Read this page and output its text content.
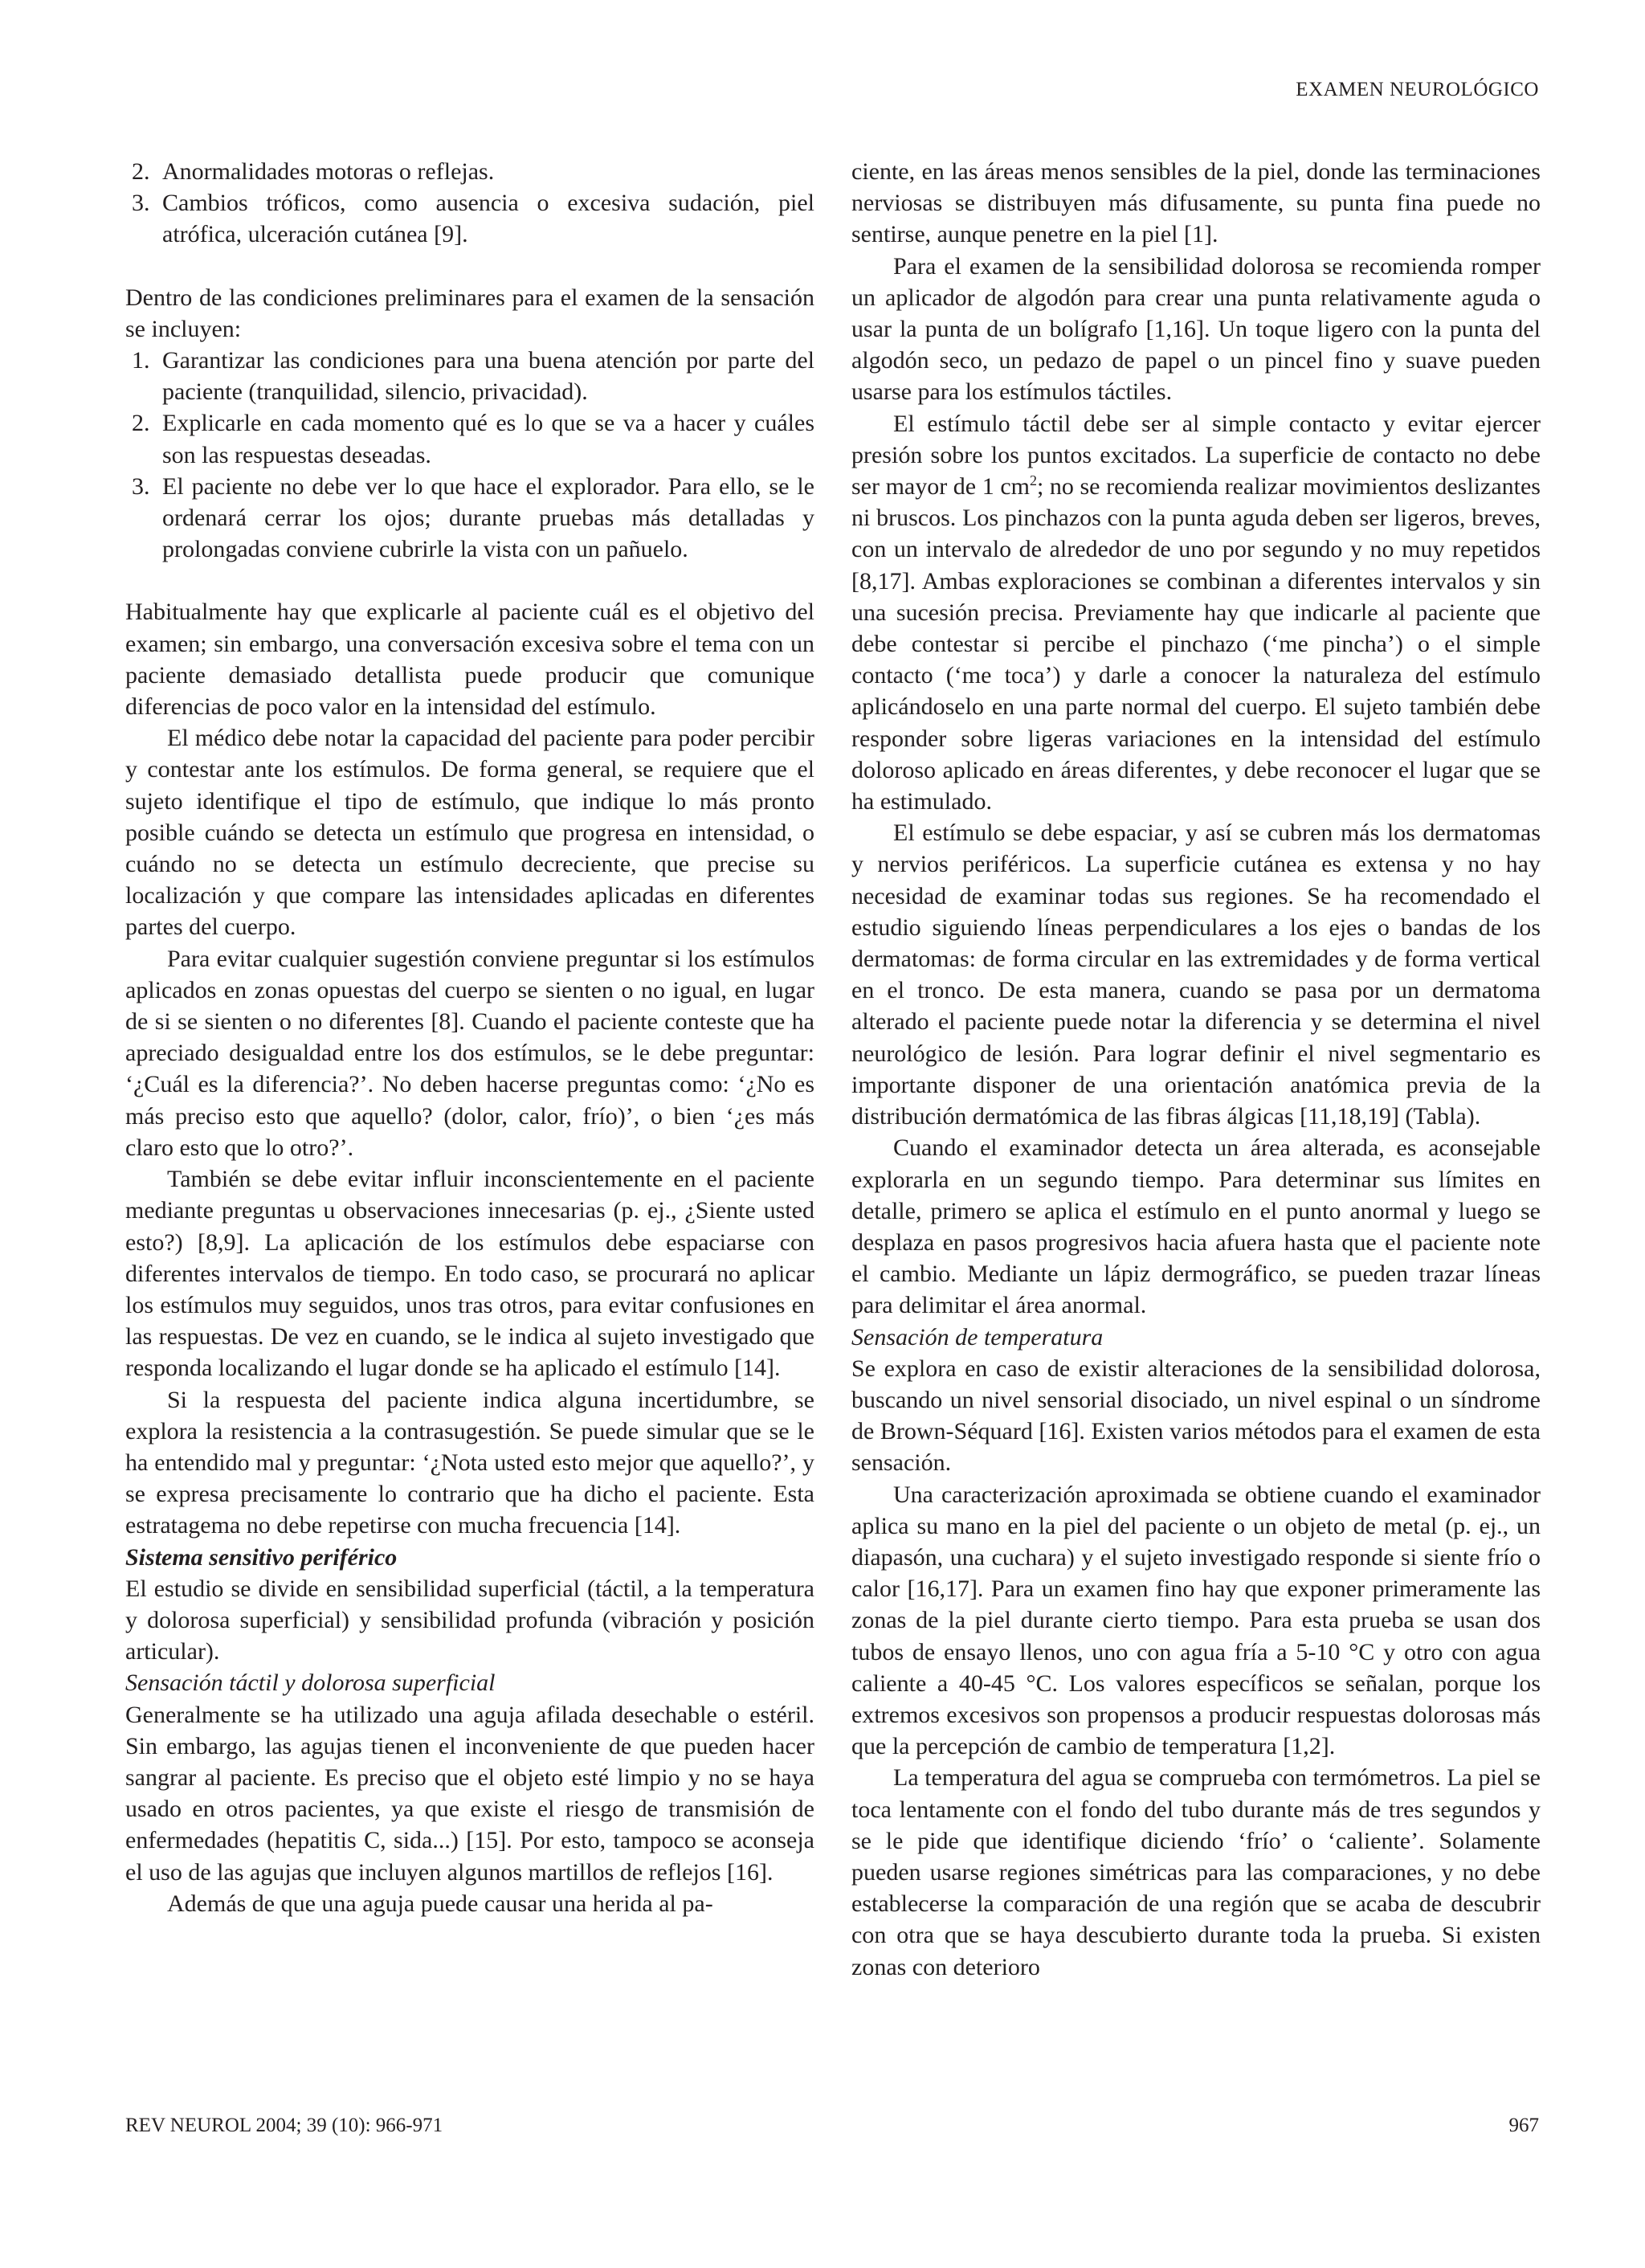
EXAMEN NEUROLÓGICO
2. Anormalidades motoras o reflejas.
3. Cambios tróficos, como ausencia o excesiva sudación, piel atrófica, ulceración cutánea [9].

Dentro de las condiciones preliminares para el examen de la sensación se incluyen:

1. Garantizar las condiciones para una buena atención por parte del paciente (tranquilidad, silencio, privacidad).
2. Explicarle en cada momento qué es lo que se va a hacer y cuáles son las respuestas deseadas.
3. El paciente no debe ver lo que hace el explorador. Para ello, se le ordenará cerrar los ojos; durante pruebas más detalladas y prolongadas conviene cubrirle la vista con un pañuelo.

Habitualmente hay que explicarle al paciente cuál es el objetivo del examen; sin embargo, una conversación excesiva sobre el tema con un paciente demasiado detallista puede producir que comunique diferencias de poco valor en la intensidad del estímulo.

El médico debe notar la capacidad del paciente para poder percibir y contestar ante los estímulos. De forma general, se requiere que el sujeto identifique el tipo de estímulo, que indique lo más pronto posible cuándo se detecta un estímulo que progresa en intensidad, o cuándo no se detecta un estímulo decreciente, que precise su localización y que compare las intensidades aplicadas en diferentes partes del cuerpo.

Para evitar cualquier sugestión conviene preguntar si los estímulos aplicados en zonas opuestas del cuerpo se sienten o no igual, en lugar de si se sienten o no diferentes [8]. Cuando el paciente conteste que ha apreciado desigualdad entre los dos estímulos, se le debe preguntar: ‘¿Cuál es la diferencia?’. No deben hacerse preguntas como: ‘¿No es más preciso esto que aquello? (dolor, calor, frío)’, o bien ‘¿es más claro esto que lo otro?’.

También se debe evitar influir inconscientemente en el paciente mediante preguntas u observaciones innecesarias (p. ej., ¿Siente usted esto?) [8,9]. La aplicación de los estímulos debe espaciarse con diferentes intervalos de tiempo. En todo caso, se procurará no aplicar los estímulos muy seguidos, unos tras otros, para evitar confusiones en las respuestas. De vez en cuando, se le indica al sujeto investigado que responda localizando el lugar donde se ha aplicado el estímulo [14].

Si la respuesta del paciente indica alguna incertidumbre, se explora la resistencia a la contrasugestión. Se puede simular que se le ha entendido mal y preguntar: ‘¿Nota usted esto mejor que aquello?’, y se expresa precisamente lo contrario que ha dicho el paciente. Esta estratagema no debe repetirse con mucha frecuencia [14].

Sistema sensitivo periférico

El estudio se divide en sensibilidad superficial (táctil, a la temperatura y dolorosa superficial) y sensibilidad profunda (vibración y posición articular).

Sensación táctil y dolorosa superficial

Generalmente se ha utilizado una aguja afilada desechable o estéril. Sin embargo, las agujas tienen el inconveniente de que pueden hacer sangrar al paciente. Es preciso que el objeto esté limpio y no se haya usado en otros pacientes, ya que existe el riesgo de transmisión de enfermedades (hepatitis C, sida...) [15]. Por esto, tampoco se aconseja el uso de las agujas que incluyen algunos martillos de reflejos [16].

Además de que una aguja puede causar una herida al pa-

ciente, en las áreas menos sensibles de la piel, donde las terminaciones nerviosas se distribuyen más difusamente, su punta fina puede no sentirse, aunque penetre en la piel [1].

Para el examen de la sensibilidad dolorosa se recomienda romper un aplicador de algodón para crear una punta relativamente aguda o usar la punta de un bolígrafo [1,16]. Un toque ligero con la punta del algodón seco, un pedazo de papel o un pincel fino y suave pueden usarse para los estímulos táctiles.

El estímulo táctil debe ser al simple contacto y evitar ejercer presión sobre los puntos excitados. La superficie de contacto no debe ser mayor de 1 $cm^2$; no se recomienda realizar movimientos deslizantes ni bruscos. Los pinchazos con la punta aguda deben ser ligeros, breves, con un intervalo de alrededor de uno por segundo y no muy repetidos [8,17]. Ambas exploraciones se combinan a diferentes intervalos y sin una sucesión precisa. Previamente hay que indicarle al paciente que debe contestar si percibe el pinchazo (‘me pincha’) o el simple contacto (‘me toca’) y darle a conocer la naturaleza del estímulo aplicándoselo en una parte normal del cuerpo. El sujeto también debe responder sobre ligeras variaciones en la intensidad del estímulo doloroso aplicado en áreas diferentes, y debe reconocer el lugar que se ha estimulado.

El estímulo se debe espaciar, y así se cubren más los dermatomas y nervios periféricos. La superficie cutánea es extensa y no hay necesidad de examinar todas sus regiones. Se ha recomendado el estudio siguiendo líneas perpendiculares a los ejes o bandas de los dermatomas: de forma circular en las extremidades y de forma vertical en el tronco. De esta manera, cuando se pasa por un dermatoma alterado el paciente puede notar la diferencia y se determina el nivel neurológico de lesión. Para lograr definir el nivel segmentario es importante disponer de una orientación anatómica previa de la distribución dermatómica de las fibras álgicas [11,18,19] (Tabla).

Cuando el examinador detecta un área alterada, es aconsejable explorarla en un segundo tiempo. Para determinar sus límites en detalle, primero se aplica el estímulo en el punto anormal y luego se desplaza en pasos progresivos hacia afuera hasta que el paciente note el cambio. Mediante un lápiz dermográfico, se pueden trazar líneas para delimitar el área anormal.

Sensación de temperatura

Se explora en caso de existir alteraciones de la sensibilidad dolorosa, buscando un nivel sensorial disociado, un nivel espinal o un síndrome de Brown-Séquard [16]. Existen varios métodos para el examen de esta sensación.

Una caracterización aproximada se obtiene cuando el examinador aplica su mano en la piel del paciente o un objeto de metal (p. ej., un diapasón, una cuchara) y el sujeto investigado responde si siente frío o calor [16,17]. Para un examen fino hay que exponer primeramente las zonas de la piel durante cierto tiempo. Para esta prueba se usan dos tubos de ensayo llenos, uno con agua fría a 5-10 °C y otro con agua caliente a 40-45 °C. Los valores específicos se señalan, porque los extremos excesivos son propensos a producir respuestas dolorosas más que la percepción de cambio de temperatura [1,2].

La temperatura del agua se comprueba con termómetros. La piel se toca lentamente con el fondo del tubo durante más de tres segundos y se le pide que identifique diciendo ‘frío’ o ‘caliente’. Solamente pueden usarse regiones simétricas para las comparaciones, y no debe establecerse la comparación de una región que se acaba de descubrir con otra que se haya descubierto durante toda la prueba. Si existen zonas con deterioro

REV NEUROL 2004; 39 (10): 966-971	967
